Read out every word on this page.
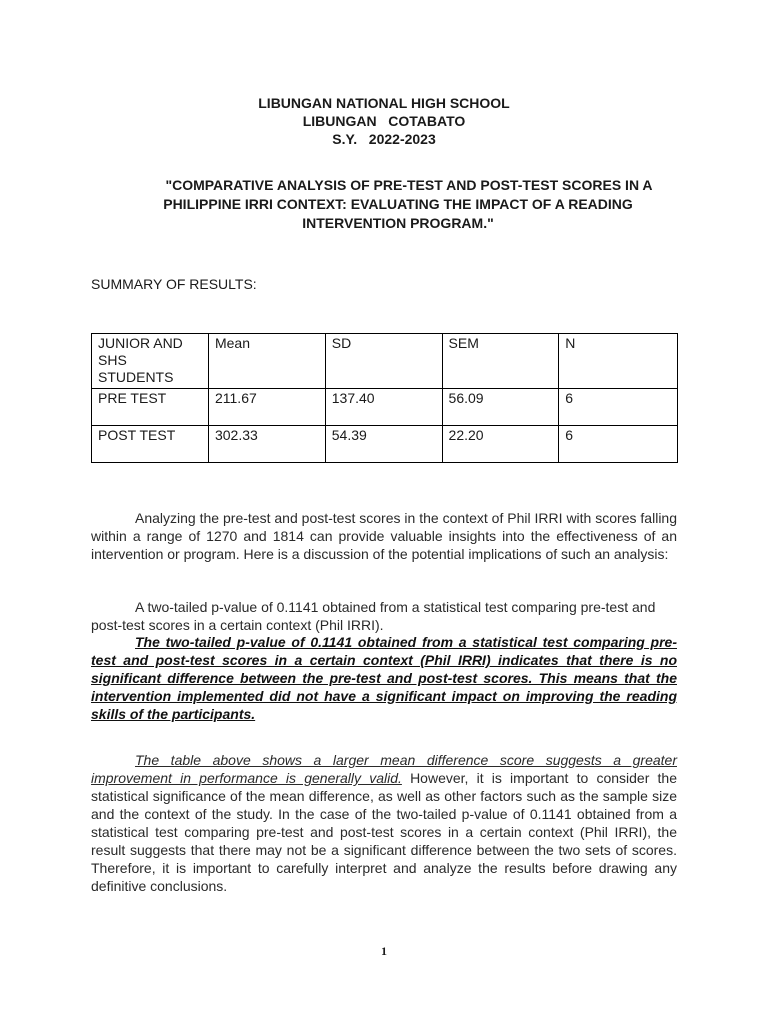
LIBUNGAN NATIONAL HIGH SCHOOL
LIBUNGAN   COTABATO
S.Y.   2022-2023
"COMPARATIVE ANALYSIS OF PRE-TEST AND POST-TEST SCORES IN A PHILIPPINE IRRI CONTEXT: EVALUATING THE IMPACT OF A READING INTERVENTION PROGRAM."
SUMMARY OF RESULTS:
JUNIOR AND SHS STUDENTS	Mean	SD	SEM	N
PRE TEST	211.67	137.40	56.09	6
POST TEST	302.33	54.39	22.20	6
Analyzing the pre-test and post-test scores in the context of Phil IRRI with scores falling within a range of 1270 and 1814 can provide valuable insights into the effectiveness of an intervention or program. Here is a discussion of the potential implications of such an analysis:
A two-tailed p-value of 0.1141 obtained from a statistical test comparing pre-test and post-test scores in a certain context (Phil IRRI).
The two-tailed p-value of 0.1141 obtained from a statistical test comparing pre-test and post-test scores in a certain context (Phil IRRI) indicates that there is no significant difference between the pre-test and post-test scores. This means that the intervention implemented did not have a significant impact on improving the reading skills of the participants.
The table above shows a larger mean difference score suggests a greater improvement in performance is generally valid. However, it is important to consider the statistical significance of the mean difference, as well as other factors such as the sample size and the context of the study. In the case of the two-tailed p-value of 0.1141 obtained from a statistical test comparing pre-test and post-test scores in a certain context (Phil IRRI), the result suggests that there may not be a significant difference between the two sets of scores. Therefore, it is important to carefully interpret and analyze the results before drawing any definitive conclusions.
1
